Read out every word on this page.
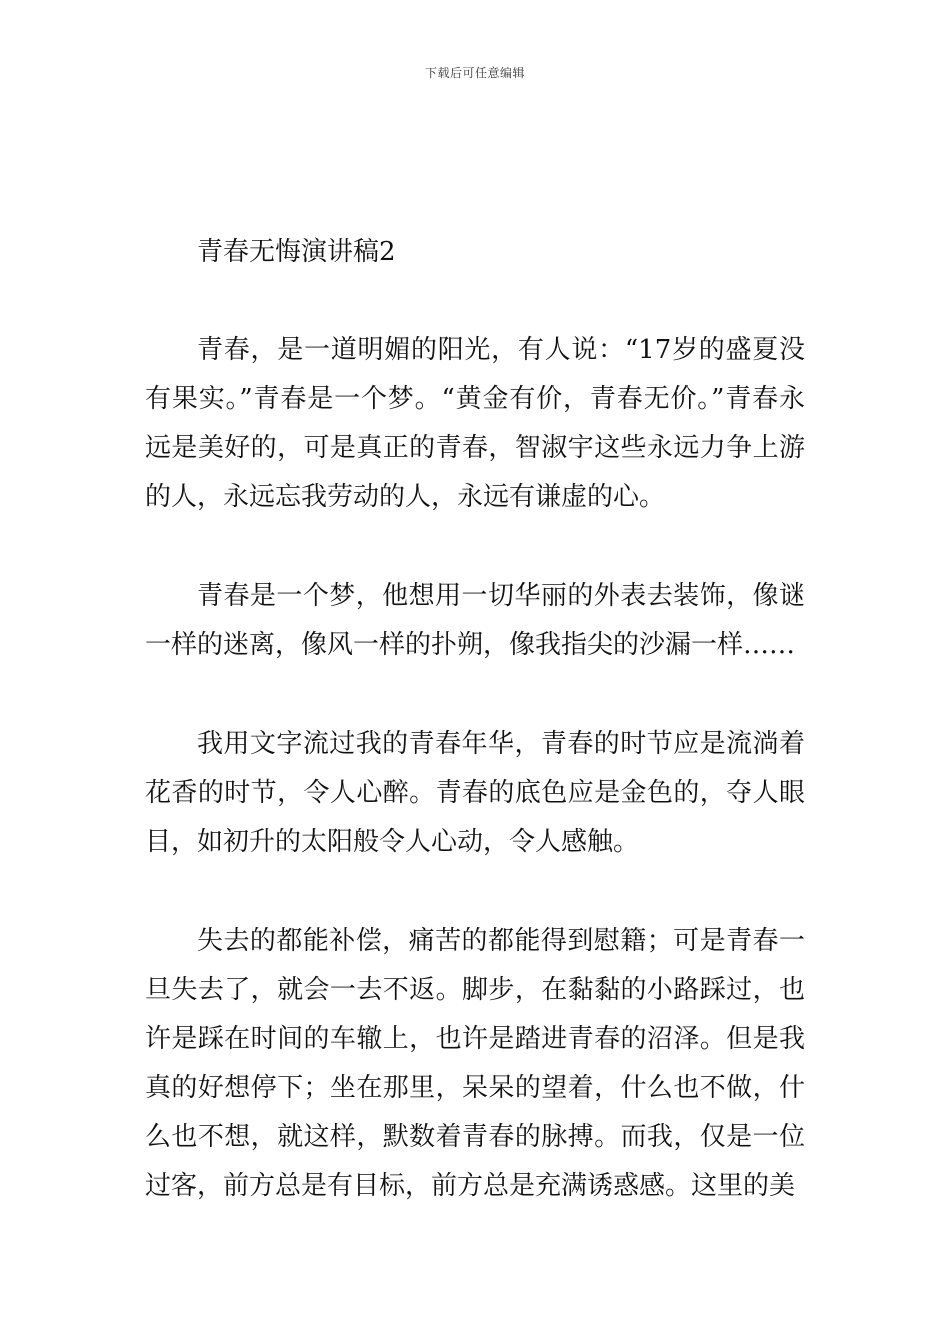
下载后可任意编辑
青春无悔演讲稿2

青春，是一道明媚的阳光，有人说：“17岁的盛夏没有果实。”青春是一个梦。“黄金有价，青春无价。”青春永远是美好的，可是真正的青春，智淑宇这些永远力争上游的人，永远忘我劳动的人，永远有谦虚的心。

青春是一个梦，他想用一切华丽的外表去装饰，像谜一样的迷离，像风一样的扑朔，像我指尖的沙漏一样……

我用文字流过我的青春年华，青春的时节应是流淌着花香的时节，令人心醉。青春的底色应是金色的，夺人眼目，如初升的太阳般令人心动，令人感触。

失去的都能补偿，痛苦的都能得到慰籍；可是青春一旦失去了，就会一去不返。脚步，在黏黏的小路踩过，也许是踩在时间的车辙上，也许是踏进青春的沼泽。但是我真的好想停下；坐在那里，呆呆的望着，什么也不做，什么也不想，就这样，默数着青春的脉搏。而我，仅是一位过客，前方总是有目标，前方总是充满诱惑感。这里的美
